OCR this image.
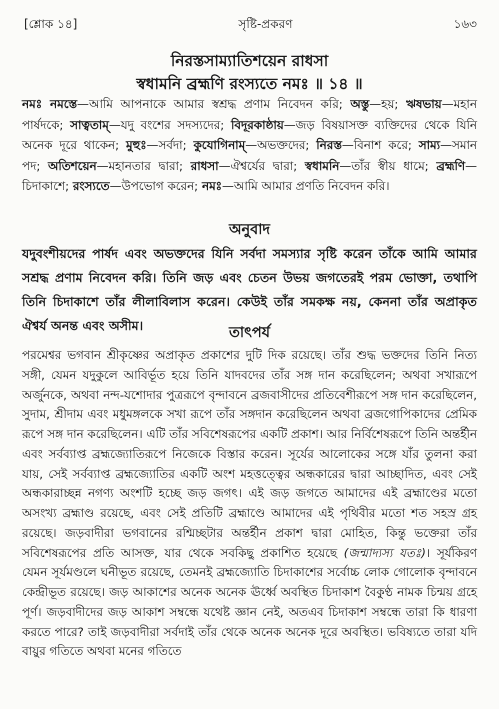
[শ্লোক ১৪]	সৃষ্টি-প্রকরণ	১৬৩
নিরস্তসাম্যাতিশয়েন রাধসা
স্বধামনি ব্রহ্মণি রংস্যতে নমঃ ॥ ১৪ ॥
নমঃ নমস্তে—আমি আপনাকে আমার স্বশ্রদ্ধ প্রণাম নিবেদন করি; অস্তু—হয়; ঋষভায়—মহান পার্ষদকে; সাত্বতাম্—যদু বংশের সদস্যদের; বিদূরকাষ্ঠায়—জড় বিষয়াসক্ত ব্যক্তিদের থেকে যিনি অনেক দূরে থাকেন; মুহুঃ—সর্বদা; কুযোগিনাম্—অভক্তদের; নিরস্ত—বিনাশ করে; সাম্য—সমান পদ; অতিশয়েন—মহানতার দ্বারা; রাধসা—ঐশ্বর্যের দ্বারা; স্বধামনি—তাঁর স্বীয় ধামে; ব্রহ্মণি—চিদাকাশে; রংস্যতে—উপভোগ করেন; নমঃ—আমি আমার প্রণতি নিবেদন করি।
অনুবাদ
যদুবংশীয়দের পার্ষদ এবং অভক্তদের যিনি সর্বদা সমস্যার সৃষ্টি করেন তাঁকে আমি আমার সশ্রদ্ধ প্রণাম নিবেদন করি। তিনি জড় এবং চেতন উভয় জগতেরই পরম ভোক্তা, তথাপি তিনি চিদাকাশে তাঁর লীলাবিলাস করেন। কেউই তাঁর সমকক্ষ নয়, কেননা তাঁর অপ্রাকৃত ঐশ্বর্য অনন্ত এবং অসীম।	তাৎপর্য
পরমেশ্বর ভগবান শ্রীকৃষ্ণের অপ্রাকৃত প্রকাশের দুটি দিক রয়েছে। তাঁর শুদ্ধ ভক্তদের তিনি নিত্য সঙ্গী, যেমন যদুকুলে আবির্ভূত হয়ে তিনি যাদবদের তাঁর সঙ্গ দান করেছিলেন; অথবা সখারূপে অর্জুনকে, অথবা নন্দ-যশোদার পুত্ররূপে বৃন্দাবনে ব্রজবাসীদের প্রতিবেশীরূপে সঙ্গ দান করেছিলেন, সুদাম, শ্রীদাম এবং মধুমঙ্গলকে সখা রূপে তাঁর সঙ্গদান করেছিলেন অথবা ব্রজগোপিকাদের প্রেমিক রূপে সঙ্গ দান করেছিলেন। এটি তাঁর সবিশেষরূপের একটি প্রকাশ। আর নির্বিশেষরূপে তিনি অন্তর্হীন এবং সর্বব্যাপ্ত ব্রহ্মজ্যোতিরূপে নিজেকে বিস্তার করেন। সূর্যের আলোকের সঙ্গে যাঁর তুলনা করা যায়, সেই সর্বব্যাপ্ত ব্রহ্মজ্যোতির একটি অংশ মহত্তত্ত্বের অন্ধকারের দ্বারা আচ্ছাদিত, এবং সেই অন্ধকারাচ্ছন্ন নগণ্য অংশটি হচ্ছে জড় জগৎ। এই জড় জগতে আমাদের এই ব্রহ্মাণ্ডের মতো অসংখ্য ব্রহ্মাণ্ড রয়েছে, এবং সেই প্রতিটি ব্রহ্মাণ্ডে আমাদের এই পৃথিবীর মতো শত সহস্র গ্রহ রয়েছে। জড়বাদীরা ভগবানের রশ্মিচ্ছটার অন্তর্হীন প্রকাশ দ্বারা মোহিত, কিন্তু ভক্তেরা তাঁর সবিশেষরূপের প্রতি আসক্ত, যার থেকে সবকিছু প্রকাশিত হয়েছে (জন্মাদ্যস্য যতঃ)। সূর্যকিরণ যেমন সূর্যমণ্ডলে ঘনীভূত রয়েছে, তেমনই ব্রহ্মজ্যোতি চিদাকাশের সর্বোচ্চ লোক গোলোক বৃন্দাবনে কেন্দ্রীভূত রয়েছে। জড় আকাশের অনেক অনেক ঊর্ধ্বে অবস্থিত চিদাকাশ বৈকুণ্ঠ নামক চিন্ময় গ্রহে পূর্ণ। জড়বাদীদের জড় আকাশ সম্বন্ধে যথেষ্ট জ্ঞান নেই, অতএব চিদাকাশ সম্বন্ধে তারা কি ধারণা করতে পারে? তাই জড়বাদীরা সর্বদাই তাঁর থেকে অনেক অনেক দূরে অবস্থিত। ভবিষ্যতে তারা যদি বায়ুর গতিতে অথবা মনের গতিতে
